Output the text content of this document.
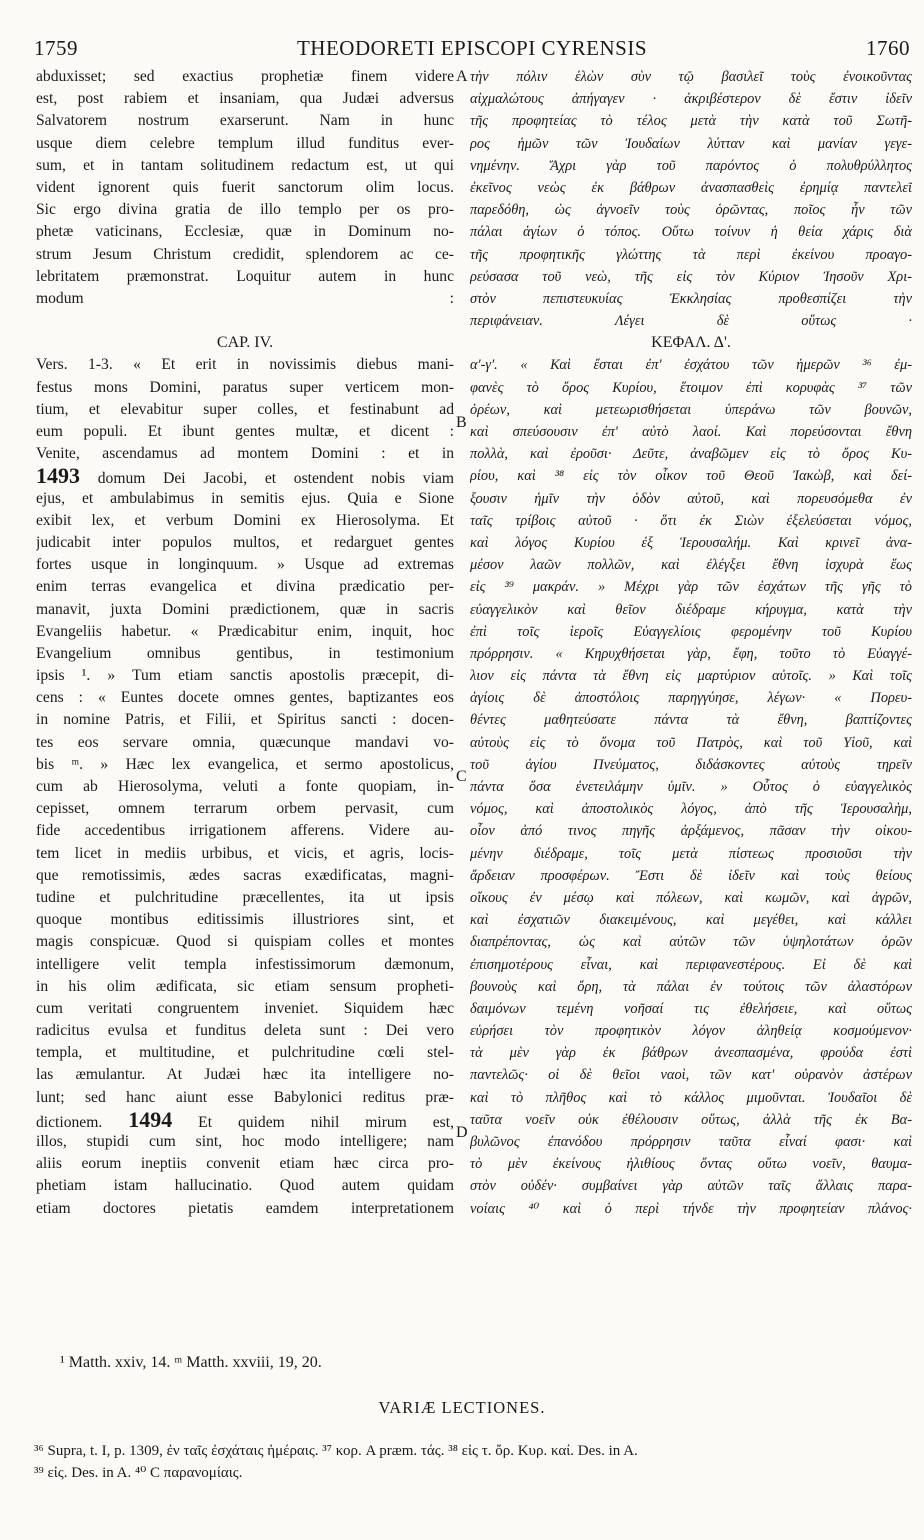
1759	THEODORETI EPISCOPI CYRENSIS	1760
abduxisset; sed exactius prophetiæ finem videre
est, post rabiem et insaniam, qua Judæi adversus
Salvatorem nostrum exarserunt. Nam in hunc
usque diem celebre templum illud funditus ever-
sum, et in tantam solitudinem redactum est, ut qui
vident ignorent quis fuerit sanctorum olim locus.
Sic ergo divina gratia de illo templo per os pro-
phetæ vaticinans, Ecclesiæ, quæ in Dominum no-
strum Jesum Christum credidit, splendorem ac ce-
lebritatem præmonstrat. Loquitur autem in hunc
modum :
CAP. IV.
Vers. 1-3. « Et erit in novissimis diebus mani-
festus mons Domini, paratus super verticem mon-
tium, et elevabitur super colles, et festinabunt ad
eum populi. Et ibunt gentes multæ, et dicent :
Venite, ascendamus ad montem Domini : et in
1493 domum Dei Jacobi, et ostendent nobis viam
ejus, et ambulabimus in semitis ejus. Quia e Sione
exibit lex, et verbum Domini ex Hierosolyma. Et
judicabit inter populos multos, et redarguet gentes
fortes usque in longinquum. » Usque ad extremas
enim terras evangelica et divina prædicatio per-
manavit, juxta Domini prædictionem, quæ in sacris
Evangeliis habetur. « Prædicabitur enim, inquit, hoc
Evangelium omnibus gentibus, in testimonium
ipsis ¹. » Tum etiam sanctis apostolis præcepit, di-
cens : « Euntes docete omnes gentes, baptizantes eos
in nomine Patris, et Filii, et Spiritus sancti : docen-
tes eos servare omnia, quæcunque mandavi vo-
bis ᵐ. » Hæc lex evangelica, et sermo apostolicus,
cum ab Hierosolyma, veluti a fonte quopiam, in-
cepisset, omnem terrarum orbem pervasit, cum
fide accedentibus irrigationem afferens. Videre au-
tem licet in mediis urbibus, et vicis, et agris, locis-
que remotissimis, ædes sacras exædificatas, magni-
tudine et pulchritudine præcellentes, ita ut ipsis
quoque montibus editissimis illustriores sint, et
magis conspicuæ. Quod si quispiam colles et montes
intelligere velit templa infestissimorum dæmonum,
in his olim ædificata, sic etiam sensum propheti-
cum veritati congruentem inveniet. Siquidem hæc
radicitus evulsa et funditus deleta sunt : Dei vero
templa, et multitudine, et pulchritudine cœli stel-
las æmulantur. At Judæi hæc ita intelligere no-
lunt; sed hanc aiunt esse Babylonici reditus præ-
dictionem. 1494 Et quidem nihil mirum est,
illos, stupidi cum sint, hoc modo intelligere; nam
aliis eorum ineptiis convenit etiam hæc circa pro-
phetiam istam hallucinatio. Quod autem quidam
etiam doctores pietatis eamdem interpretationem
τὴν πόλιν ἑλὼν σὺν τῷ βασιλεῖ τοὺς ἐνοικοῦντας
αἰχμαλώτους ἀπήγαγεν · ἀκριβέστερον δὲ ἔστιν ἰδεῖν
τῆς προφητείας τὸ τέλος μετὰ τὴν κατὰ τοῦ Σωτῆ-
ρος ἡμῶν τῶν Ἰουδαίων λύτταν καὶ μανίαν γεγε-
νημένην. Ἄχρι γὰρ τοῦ παρόντος ὁ πολυθρύλλητος
ἐκεῖνος νεὼς ἐκ βάθρων ἀνασπασθεὶς ἐρημίᾳ παντελεῖ
παρεδόθη, ὡς ἀγνοεῖν τοὺς ὁρῶντας, ποῖος ἦν τῶν
πάλαι ἁγίων ὁ τόπος. Οὕτω τοίνυν ἡ θεία χάρις διὰ
τῆς προφητικῆς γλώττης τὰ περὶ ἐκείνου προαγο-
ρεύσασα τοῦ νεὼ, τῆς εἰς τὸν Κύριον Ἰησοῦν Χρι-
στὸν πεπιστευκυίας Ἐκκλησίας προθεσπίζει τὴν
περιφάνειαν. Λέγει δὲ οὕτως ·
ΚΕΦΑΛ. Δ'.
α'-γ'. « Καὶ ἔσται ἐπ' ἐσχάτου τῶν ἡμερῶν ³⁶ ἐμ-
φανὲς τὸ ὄρος Κυρίου, ἕτοιμον ἐπὶ κορυφὰς ³⁷ τῶν
ὀρέων, καὶ μετεωρισθήσεται ὑπεράνω τῶν βουνῶν,
καὶ σπεύσουσιν ἐπ' αὐτὸ λαοί. Καὶ πορεύσονται ἔθνη
πολλὰ, καὶ ἐροῦσι· Δεῦτε, ἀναβῶμεν εἰς τὸ ὄρος Κυ-
ρίου, καὶ ³⁸ εἰς τὸν οἶκον τοῦ Θεοῦ Ἰακὼβ, καὶ δεί-
ξουσιν ἡμῖν τὴν ὁδὸν αὐτοῦ, καὶ πορευσόμεθα ἐν
ταῖς τρίβοις αὐτοῦ · ὅτι ἐκ Σιὼν ἐξελεύσεται νόμος,
καὶ λόγος Κυρίου ἐξ Ἱερουσαλήμ. Καὶ κρινεῖ ἀνα-
μέσον λαῶν πολλῶν, καὶ ἐλέγξει ἔθνη ἰσχυρὰ ἕως
εἰς ³⁹ μακράν. » Μέχρι γὰρ τῶν ἐσχάτων τῆς γῆς τὸ
εὐαγγελικὸν καὶ θεῖον διέδραμε κήρυγμα, κατὰ τὴν
ἐπὶ τοῖς ἱεροῖς Εὐαγγελίοις φερομένην τοῦ Κυρίου
πρόρρησιν. « Κηρυχθήσεται γὰρ, ἔφη, τοῦτο τὸ Εὐαγγέ-
λιον εἰς πάντα τὰ ἔθνη εἰς μαρτύριον αὐτοῖς. » Καὶ τοῖς
ἁγίοις δὲ ἀποστόλοις παρηγγύησε, λέγων· « Πορευ-
θέντες μαθητεύσατε πάντα τὰ ἔθνη, βαπτίζοντες
αὐτοὺς εἰς τὸ ὄνομα τοῦ Πατρὸς, καὶ τοῦ Υἱοῦ, καὶ
τοῦ ἁγίου Πνεύματος, διδάσκοντες αὐτοὺς τηρεῖν
πάντα ὅσα ἐνετειλάμην ὑμῖν. » Οὗτος ὁ εὐαγγελικὸς
νόμος, καὶ ἀποστολικὸς λόγος, ἀπὸ τῆς Ἱερουσαλὴμ,
οἷον ἀπό τινος πηγῆς ἀρξάμενος, πᾶσαν τὴν οἰκου-
μένην διέδραμε, τοῖς μετὰ πίστεως προσιοῦσι τὴν
ἄρδειαν προσφέρων. Ἔστι δὲ ἰδεῖν καὶ τοὺς θείους
οἴκους ἐν μέσῳ καὶ πόλεων, καὶ κωμῶν, καὶ ἀγρῶν,
καὶ ἐσχατιῶν διακειμένους, καὶ μεγέθει, καὶ κάλλει
διαπρέποντας, ὡς καὶ αὐτῶν τῶν ὑψηλοτάτων ὀρῶν
ἐπισημοτέρους εἶναι, καὶ περιφανεστέρους. Εἰ δὲ καὶ
βουνοὺς καὶ ὄρη, τὰ πάλαι ἐν τούτοις τῶν ἀλαστόρων
δαιμόνων τεμένη νοῆσαί τις ἐθελήσειε, καὶ οὕτως
εὑρήσει τὸν προφητικὸν λόγον ἀληθείᾳ κοσμούμενον·
τὰ μὲν γὰρ ἐκ βάθρων ἀνεσπασμένα, φρούδα ἐστὶ
παντελῶς· οἱ δὲ θεῖοι ναοὶ, τῶν κατ' οὐρανὸν ἀστέρων
καὶ τὸ πλῆθος καὶ τὸ κάλλος μιμοῦνται. Ἰουδαῖοι δὲ
ταῦτα νοεῖν οὐκ ἐθέλουσιν οὕτως, ἀλλὰ τῆς ἐκ Βα-
βυλῶνος ἐπανόδου πρόρρησιν ταῦτα εἶναί φασι· καὶ
τὸ μὲν ἐκείνους ἠλιθίους ὄντας οὕτω νοεῖν, θαυμα-
στὸν οὐδέν· συμβαίνει γὰρ αὐτῶν ταῖς ἄλλαις παρα-
νοίαις ⁴⁰ καὶ ὁ περὶ τήνδε τὴν προφητείαν πλάνος·
A
B
C
D
¹ Matth. xxiv, 14. ᵐ Matth. xxviii, 19, 20.
VARIÆ LECTIONES.
³⁶ Supra, t. I, p. 1309, ἐν ταῖς ἐσχάταις ἡμέραις. ³⁷ κορ. A præm. τάς. ³⁸ εἰς τ. ὄρ. Κυρ. καί. Des. in A.
³⁹ εἰς. Des. in A. ⁴⁰ C παρανομίαις.
